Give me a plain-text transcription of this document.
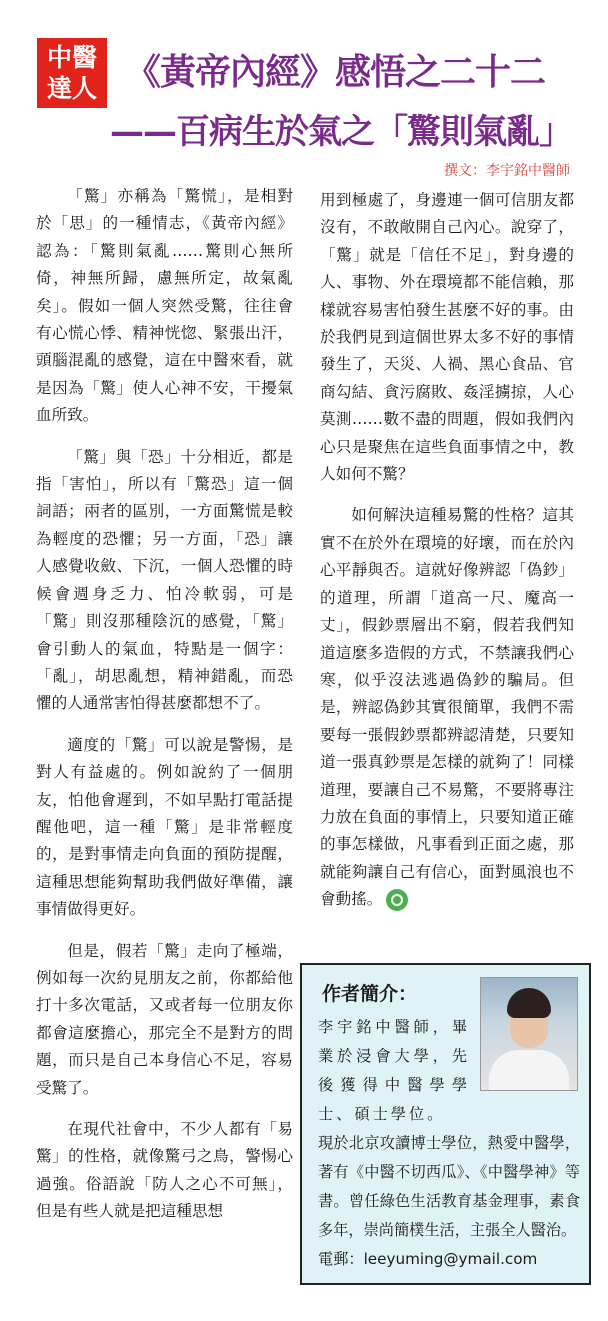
中醫達人 《黃帝內經》感悟之二十二
——百病生於氣之「驚則氣亂」
撰文：李宇銘中醫師

「驚」亦稱為「驚慌」，是相對於「思」的一種情志，《黃帝內經》認為：「驚則氣亂……驚則心無所倚，神無所歸，慮無所定，故氣亂矣」。假如一個人突然受驚，往往會有心慌心悸、精神恍惚、緊張出汗，頭腦混亂的感覺，這在中醫來看，就是因為「驚」使人心神不安，干擾氣血所致。

「驚」與「恐」十分相近，都是指「害怕」，所以有「驚恐」這一個詞語；兩者的區別，一方面驚慌是較為輕度的恐懼；另一方面，「恐」讓人感覺收斂、下沉，一個人恐懼的時候會週身乏力、怕冷軟弱，可是「驚」則沒那種陰沉的感覺，「驚」會引動人的氣血，特點是一個字：「亂」，胡思亂想，精神錯亂，而恐懼的人通常害怕得甚麼都想不了。

適度的「驚」可以說是警惕，是對人有益處的。例如說約了一個朋友，怕他會遲到，不如早點打電話提醒他吧，這一種「驚」是非常輕度的，是對事情走向負面的預防提醒，這種思想能夠幫助我們做好準備，讓事情做得更好。

但是，假若「驚」走向了極端，例如每一次約見朋友之前，你都給他打十多次電話，又或者每一位朋友你都會這麼擔心，那完全不是對方的問題，而只是自己本身信心不足，容易受驚了。

在現代社會中，不少人都有「易驚」的性格，就像驚弓之鳥，警惕心過強。俗語說「防人之心不可無」，但是有些人就是把這種思想

用到極處了，身邊連一個可信朋友都沒有，不敢敞開自己內心。說穿了，「驚」就是「信任不足」，對身邊的人、事物、外在環境都不能信賴，那樣就容易害怕發生甚麼不好的事。由於我們見到這個世界太多不好的事情發生了，天災、人禍、黑心食品、官商勾結、貪污腐敗、姦淫擄掠，人心莫測……數不盡的問題，假如我們內心只是聚焦在這些負面事情之中，教人如何不驚？

如何解決這種易驚的性格？這其實不在於外在環境的好壞，而在於內心平靜與否。這就好像辨認「偽鈔」的道理，所謂「道高一尺、魔高一丈」，假鈔票層出不窮，假若我們知道這麼多造假的方式，不禁讓我們心寒，似乎沒法逃過偽鈔的騙局。但是，辨認偽鈔其實很簡單，我們不需要每一張假鈔票都辨認清楚，只要知道一張真鈔票是怎樣的就夠了！同樣道理，要讓自己不易驚，不要將專注力放在負面的事情上，只要知道正確的事怎樣做，凡事看到正面之處，那就能夠讓自己有信心，面對風浪也不會動搖。

作者簡介：
李宇銘中醫師，畢業於浸會大學，先後獲得中醫學學士、碩士學位。
現於北京攻讀博士學位，熱愛中醫學，著有《中醫不切西瓜》、《中醫學神》等書。曾任綠色生活教育基金理事，素食多年，崇尚簡樸生活，主張全人醫治。
電郵：leeyuming@ymail.com
